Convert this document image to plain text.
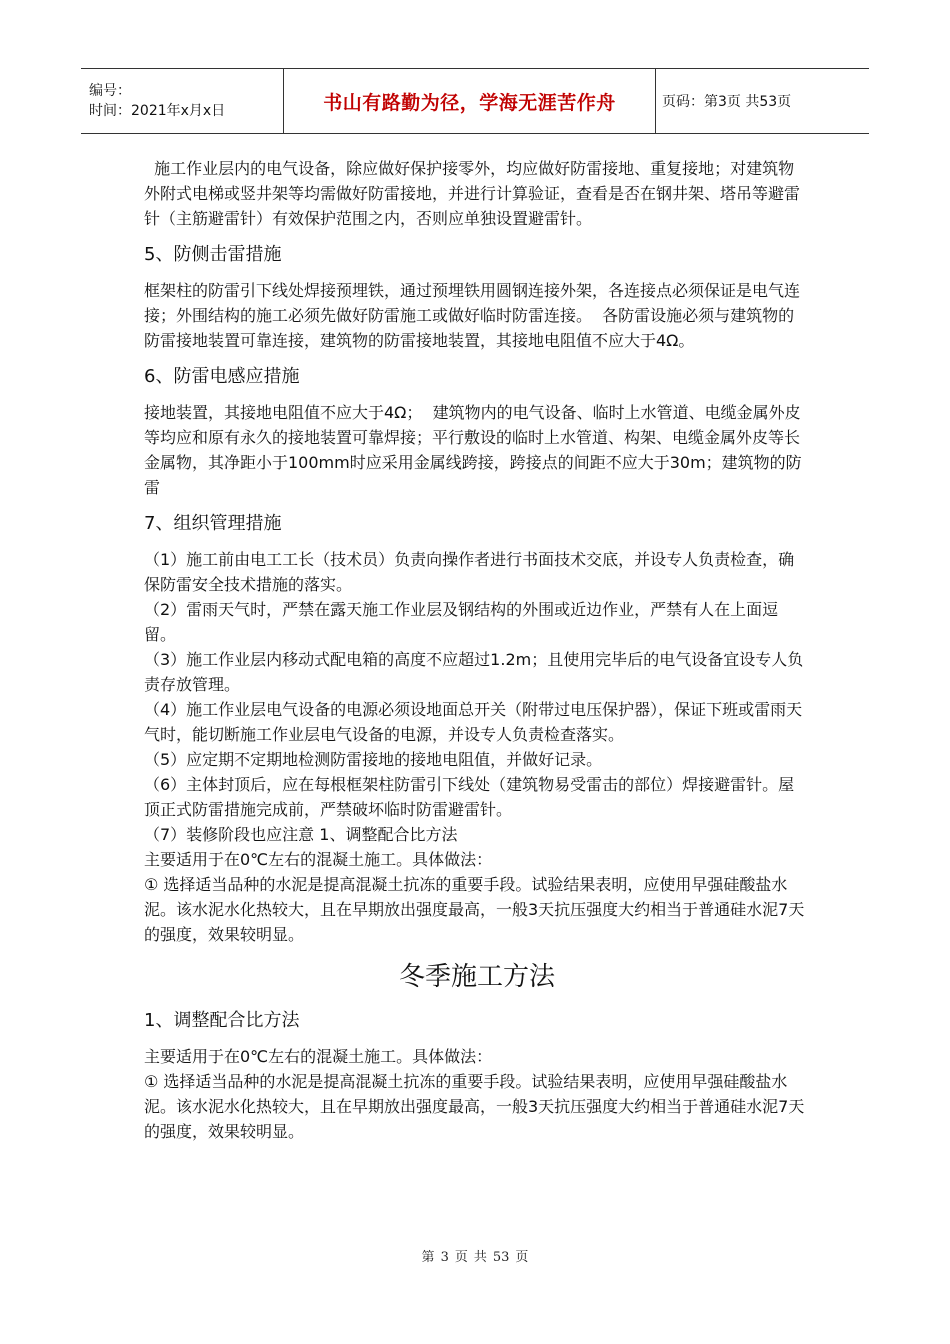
编号：
时间：2021年x月x日	书山有路勤为径，学海无涯苦作舟	页码：第3页 共53页

施工作业层内的电气设备，除应做好保护接零外，均应做好防雷接地、重复接地；对建筑物外附式电梯或竖井架等均需做好防雷接地，并进行计算验证，查看是否在钢井架、塔吊等避雷针（主筋避雷针）有效保护范围之内，否则应单独设置避雷针。

5、防侧击雷措施

框架柱的防雷引下线处焊接预埋铁，通过预埋铁用圆钢连接外架，各连接点必须保证是电气连接；外围结构的施工必须先做好防雷施工或做好临时防雷连接。  各防雷设施必须与建筑物的防雷接地装置可靠连接，建筑物的防雷接地装置，其接地电阻值不应大于4Ω。

6、防雷电感应措施

接地装置，其接地电阻值不应大于4Ω；  建筑物内的电气设备、临时上水管道、电缆金属外皮等均应和原有永久的接地装置可靠焊接；平行敷设的临时上水管道、构架、电缆金属外皮等长金属物，其净距小于100mm时应采用金属线跨接，跨接点的间距不应大于30m；建筑物的防雷

7、组织管理措施

（1）施工前由电工工长（技术员）负责向操作者进行书面技术交底，并设专人负责检查，确保防雷安全技术措施的落实。

（2）雷雨天气时，严禁在露天施工作业层及钢结构的外围或近边作业，严禁有人在上面逗留。

（3）施工作业层内移动式配电箱的高度不应超过1.2m；且使用完毕后的电气设备宜设专人负责存放管理。

（4）施工作业层电气设备的电源必须设地面总开关（附带过电压保护器），保证下班或雷雨天气时，能切断施工作业层电气设备的电源，并设专人负责检查落实。

（5）应定期不定期地检测防雷接地的接地电阻值，并做好记录。

（6）主体封顶后，应在每根框架柱防雷引下线处（建筑物易受雷击的部位）焊接避雷针。屋顶正式防雷措施完成前，严禁破坏临时防雷避雷针。

（7）装修阶段也应注意 1、调整配合比方法

主要适用于在0℃左右的混凝土施工。具体做法：

① 选择适当品种的水泥是提高混凝土抗冻的重要手段。试验结果表明，应使用早强硅酸盐水泥。该水泥水化热较大，且在早期放出强度最高，一般3天抗压强度大约相当于普通硅水泥7天的强度，效果较明显。

冬季施工方法

1、调整配合比方法

主要适用于在0℃左右的混凝土施工。具体做法：

① 选择适当品种的水泥是提高混凝土抗冻的重要手段。试验结果表明，应使用早强硅酸盐水泥。该水泥水化热较大，且在早期放出强度最高，一般3天抗压强度大约相当于普通硅水泥7天的强度，效果较明显。

第 3 页 共 53 页
